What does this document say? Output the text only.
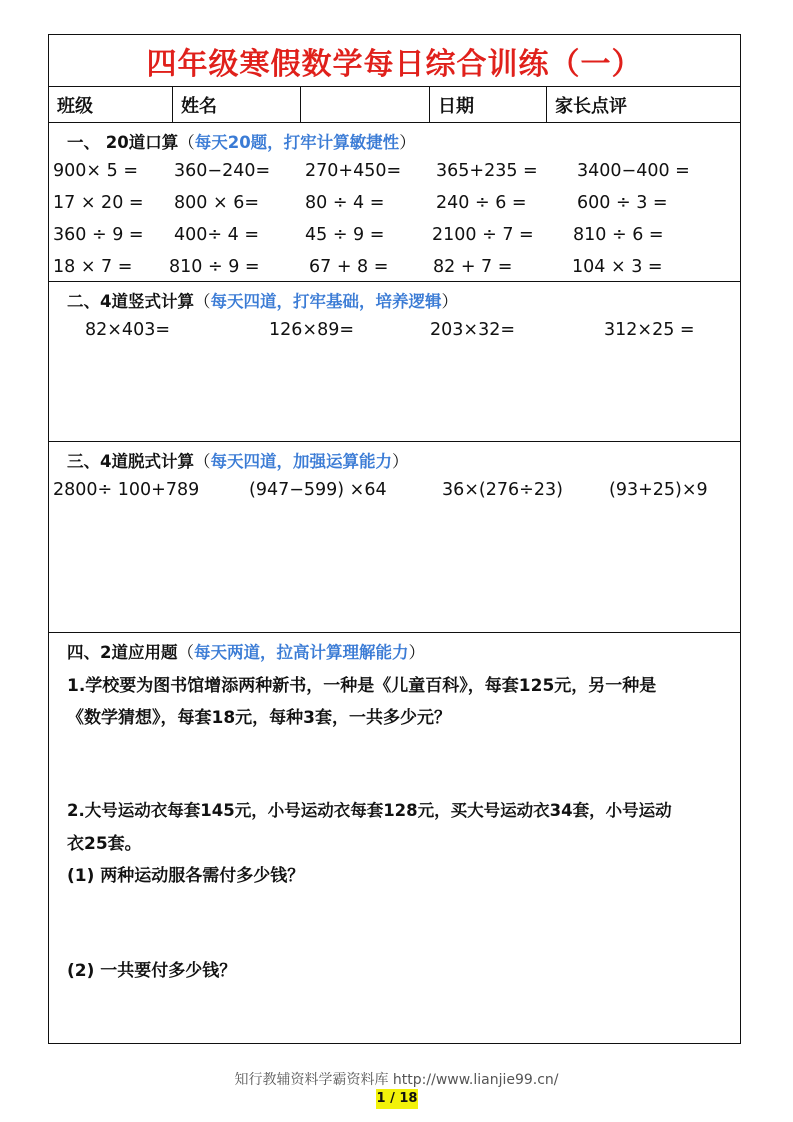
四年级寒假数学每日综合训练（一）
班级	姓名	日期	家长点评
一、 20道口算（每天20题，打牢计算敏捷性）
900× 5 = 360−240= 270+450= 365+235 = 3400−400 =
17 × 20 = 800 × 6=	80 ÷ 4 =	240 ÷ 6 =	600 ÷ 3 =
360 ÷ 9 = 400÷ 4 =	45 ÷ 9 =	2100 ÷ 7 = 810 ÷ 6 =
18 × 7 = 810 ÷ 9 =	67 + 8 =	82 + 7 =	104 × 3 =
二、4道竖式计算（每天四道，打牢基础，培养逻辑）
82×403=	126×89=	203×32=	312×25 =
三、4道脱式计算（每天四道，加强运算能力）
2800÷ 100+789	(947−599) ×64	36×(276÷23)	(93+25)×9
四、2道应用题（每天两道，拉高计算理解能力）
1.学校要为图书馆增添两种新书，一种是《儿童百科》，每套125元，另一种是
《数学猜想》，每套18元，每种3套，一共多少元？
2.大号运动衣每套145元，小号运动衣每套128元，买大号运动衣34套，小号运动
衣25套。
(1) 两种运动服各需付多少钱？
(2) 一共要付多少钱？
知行教辅资料学霸资料库 http://www.lianjie99.cn/
1 / 18
